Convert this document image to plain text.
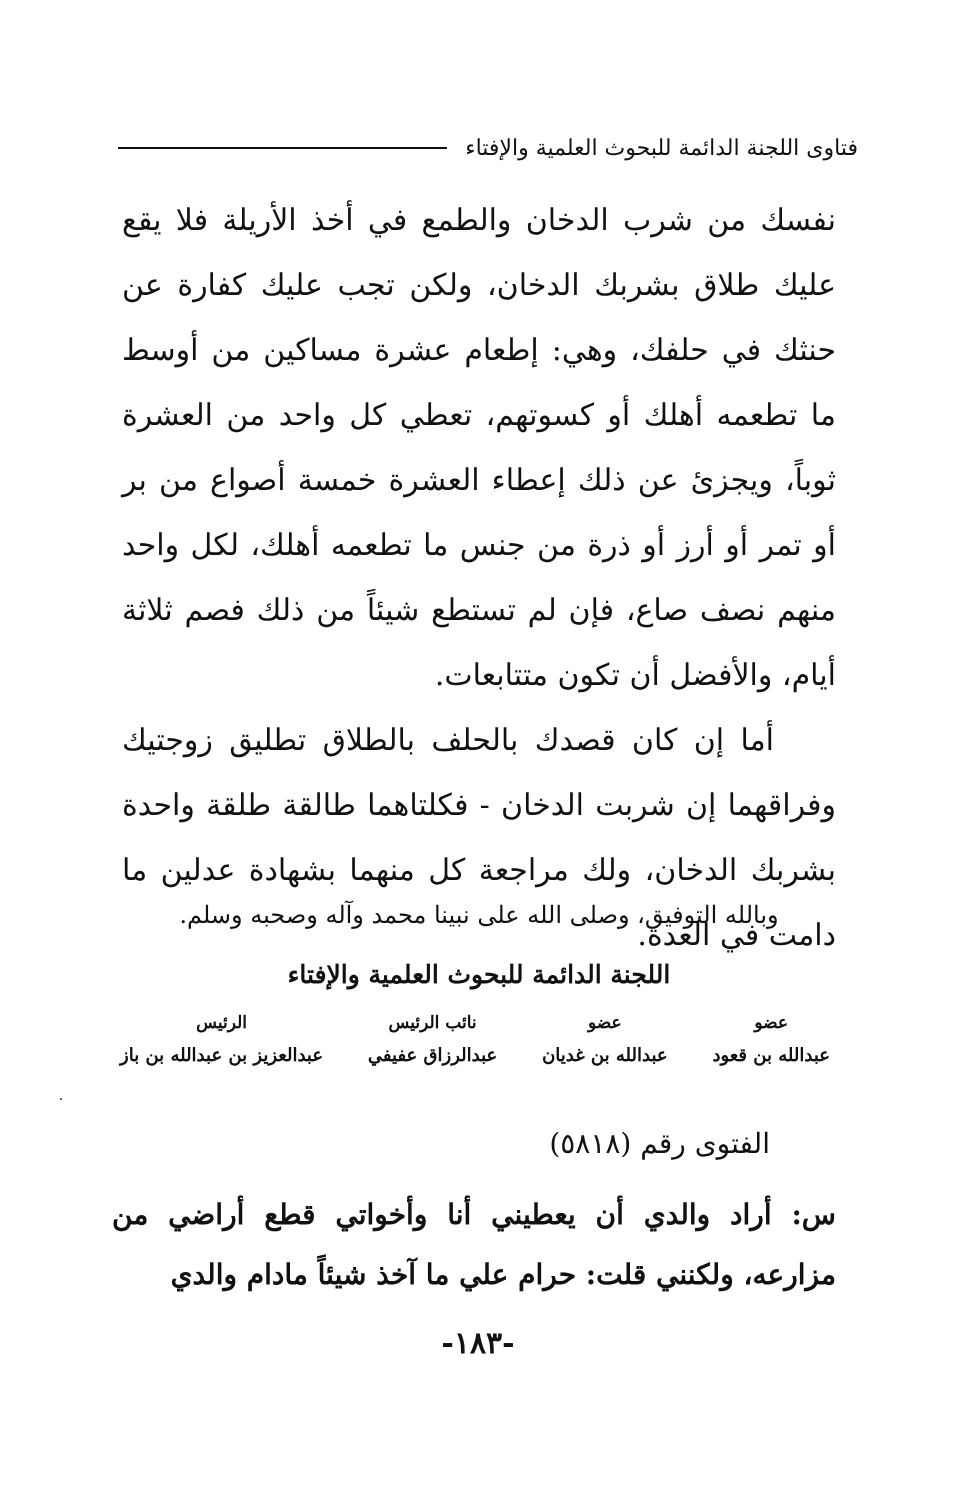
فتاوى اللجنة الدائمة للبحوث العلمية والإفتاء

نفسك من شرب الدخان والطمع في أخذ الأريلة فلا يقع عليك طلاق بشربك الدخان، ولكن تجب عليك كفارة عن حنثك في حلفك، وهي: إطعام عشرة مساكين من أوسط ما تطعمه أهلك أو كسوتهم، تعطي كل واحد من العشرة ثوباً، ويجزئ عن ذلك إعطاء العشرة خمسة أصواع من بر أو تمر أو أرز أو ذرة من جنس ما تطعمه أهلك، لكل واحد منهم نصف صاع، فإن لم تستطع شيئاً من ذلك فصم ثلاثة أيام، والأفضل أن تكون متتابعات.

أما إن كان قصدك بالحلف بالطلاق تطليق زوجتيك وفراقهما إن شربت الدخان - فكلتاهما طالقة طلقة واحدة بشربك الدخان، ولك مراجعة كل منهما بشهادة عدلين ما دامت في العدة.

وبالله التوفيق، وصلى الله على نبينا محمد وآله وصحبه وسلم.
اللجنة الدائمة للبحوث العلمية والإفتاء
عضو
عبدالله بن قعود
عضو
عبدالله بن غديان
نائب الرئيس
عبدالرزاق عفيفي
الرئيس
عبدالعزيز بن عبدالله بن باز
الفتوى رقم (٥٨١٨)
س: أراد والدي أن يعطيني أنا وأخواتي قطع أراضي من مزارعه، ولكنني قلت: حرام علي ما آخذ شيئاً مادام والدي
-١٨٣-
